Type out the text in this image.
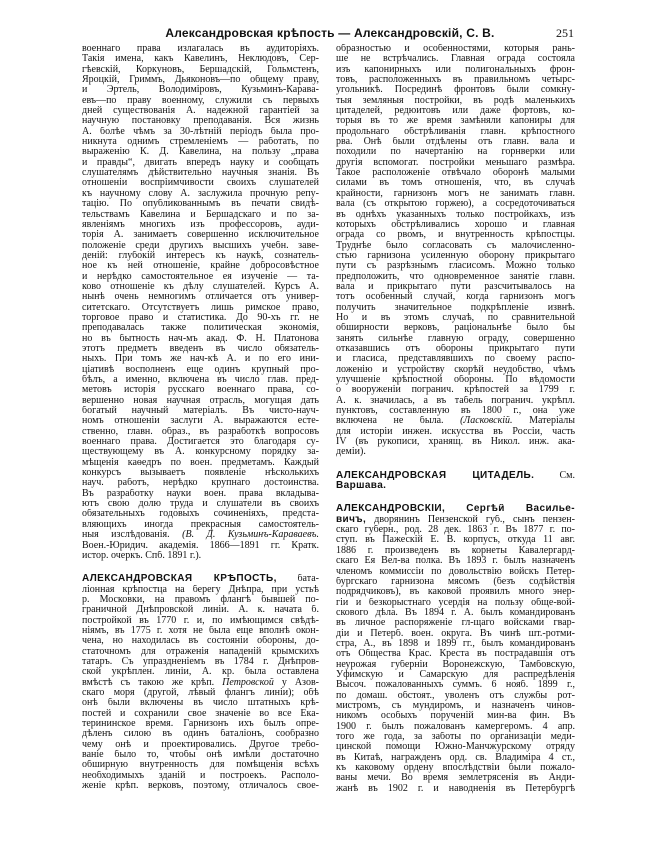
Александровская крѣпость — Александровскій, С. В.	251
военнаго права излагалась въ аудиторіяхъ.
Такія имена, какъ Кавелинъ, Неклюдовъ, Сер-
гѣевскій, Коркуновъ, Бершадскій, Гольмстенъ,
Яроцкій, Гриммъ, Дьяконовъ—по общему праву,
и Эртель, Володиміровъ, Кузьминъ-Карава-
евъ—по праву военному, служили съ первыхъ
дней существованія А. надежной гарантіей за
научную постановку преподаванія. Вся жизнь
А. болѣе чѣмъ за 30-лѣтній періодъ была про-
никнута однимъ стремленіемъ — работать, по
выраженію К. Д. Кавелина, на пользу „права
и правды“, двигать впередъ науку и сообщать
слушателямъ дѣйствительно научныя знанія. Въ
отношеніи воспріимчивости своихъ слушателей
къ научному слову А. заслужила прочную репу-
тацію. По опубликованнымъ въ печати свидѣ-
тельствамъ Кавелина и Бершадскаго и по за-
явленіямъ многихъ изъ профессоровъ, ауди-
торія А. занимаетъ совершенно исключительное
положеніе среди другихъ высшихъ учебн. заве-
деній: глубокій интересъ къ наукѣ, сознатель-
ное къ ней отношеніе, крайне добросовѣстное
и нерѣдко самостоятельное ея изученіе — та-
ково отношеніе къ дѣлу слушателей. Курсъ А.
нынѣ очень немногимъ отличается отъ универ-
ситетскаго. Отсутствуетъ лишь римское право,
торговое право и статистика. До 90-хъ гг. не
преподавалась также политическая экономія,
но въ бытность нач-мъ акад. Ф. Н. Платонова
этотъ предметъ введенъ въ число обязатель-
ныхъ. При томъ же нач-кѣ А. и по его ини-
ціативѣ восполненъ еще одинъ крупный про-
бѣлъ, а именно, включена въ число глав. пред-
метовъ исторія русскаго военнаго права, со-
вершенно новая научная отрасль, могущая дать
богатый научный матеріалъ. Въ чисто-науч-
номъ отношеніи заслуги А. выражаются есте-
ственно, главн. образ., въ разработкѣ вопросовъ
военнаго права. Достигается это благодаря су-
ществующему въ А. конкурсному порядку за-
мѣщенія каѳедръ по воен. предметамъ. Каждый
конкурсъ вызываетъ появленіе нѣсколькихъ
науч. работъ, нерѣдко крупнаго достоинства.
Въ разработку науки воен. права вкладыва-
ютъ свою долю труда и слушатели въ своихъ
обязательныхъ годовыхъ сочиненіяхъ, предста-
вляющихъ иногда прекрасныя самостоятель-
ныя изслѣдованія. (В. Д. Кузьминъ-Караваевъ.
Воен.-Юридич. академія. 1866—1891 гг. Кратк.
истор. очеркъ. Спб. 1891 г.).
АЛЕКСАНДРОВСКАЯ КРѢПОСТЬ, бата-
ліонная крѣпостца на берегу Днѣпра, при устьѣ
р. Московки, на правомъ флангѣ бывшей по-
граничной Днѣпровской линіи. А. к. начата б.
постройкой въ 1770 г. и, по имѣющимся свѣдѣ-
ніямъ, въ 1775 г. хотя не была еще вполнѣ окон-
чена, но находилась въ состояніи обороны, до-
статочномъ для отраженія нападеній крымскихъ
татаръ. Съ упраздненіемъ въ 1784 г. Днѣпров-
ской укрѣплен. линіи, А. кр. была оставлена
вмѣстѣ съ такою же крѣп. Петровской у Азов-
скаго моря (другой, лѣвый флангъ линіи); обѣ
онѣ были включены въ число штатныхъ крѣ-
постей и сохранили свое значеніе во все Ека-
терининское время. Гарнизонъ ихъ былъ опре-
дѣленъ силою въ одинъ баталіонъ, сообразно
чему онѣ и проектировались. Другое требо-
ваніе было то, чтобы онѣ имѣли достаточно
обширную внутренность для помѣщенія всѣхъ
необходимыхъ зданій и построекъ. Располо-
женіе крѣп. верковъ, поэтому, отличалось свое-
образностью и особенностями, которыя рань-
ше не встрѣчались. Главная ограда состояла
изъ капонирныхъ или полигональныхъ фрон-
товъ, расположенныхъ въ правильномъ четырс-
угольникѣ. Посрединѣ фронтовъ были сомкну-
тыя земляныя постройки, въ родѣ маленькихъ
цитаделей, редюитовъ или даже фортовъ, ко-
торыя въ то же время замѣняли капониры для
продольнаго обстрѣливанія главн. крѣпостного
рва. Онѣ были отдѣлены отъ главн. вала и
походили по начертанію на горнверки или
другія вспомогат. постройки меньшаго размѣра.
Такое расположеніе отвѣчало оборонѣ малыми
силами въ томъ отношенія, что, въ случаѣ
крайности, гарнизонъ могъ не занимать главн.
вала (съ открытою горжею), а сосредоточиваться
въ однѣхъ указанныхъ только постройкахъ, изъ
которыхъ обстрѣливались хорошо и главная
ограда со рвомъ, и внутренность крѣпостцы.
Труднѣе было согласовать съ малочисленно-
стью гарнизона усиленную оборону прикрытаго
пути съ разрѣзнымъ гласисомъ. Можно только
предположить, что одновременное занятіе главн.
вала и прикрытаго пути разсчитывалось на
тотъ особенный случай, когда гарнизонъ могъ
получить значительное подкрѣпленіе извнѣ.
Но и въ этомъ случаѣ, по сравнительной
обширности верковъ, раціональнѣе было бы
занять сильнѣе главную ограду, совершенно
отказавшись отъ обороны прикрытаго пути
и гласиса, представлявшихъ по своему распо-
ложенію и устройству скорѣй неудобство, чѣмъ
улучшеніе крѣпостной обороны. По вѣдомости
о вооруженіи погранич. крѣпостей за 1799 г.
А. к. значилась, а въ табель погранич. укрѣпл.
пунктовъ, составленную въ 1800 г., она уже
включена не была. (Ласковскій. Матеріалы
для исторіи инжен. искусства въ Россіи, часть
IV (въ рукописи, хранящ. въ Никол. инж. ака-
деміи).
АЛЕКСАНДРОВСКАЯ ЦИТАДЕЛЬ. См.
Варшава.
АЛЕКСАНДРОВСКІЙ, Сергѣй Василье-
вичъ, дворянинъ Пензенской губ., сынъ пензен-
скаго губерн., род. 28 дек. 1863 г. Въ 1877 г. по-
ступ. въ Пажескій Е. В. корпусъ, откуда 11 авг.
1886 г. произведенъ въ корнеты Кавалергард-
скаго Ея Вел-ва полка. Въ 1893 г. былъ назначенъ
членомъ коммиссіи по довольствію войскъ Петер-
бургскаго гарнизона мясомъ (безъ содѣйствія
подрядчиковъ), въ каковой проявилъ много энер-
гіи и безкорыстнаго усердія на пользу обще-вой-
скового дѣла. Въ 1894 г. А. былъ командированъ
въ личное распоряженіе гл-щаго войсками гвар-
діи и Петерб. воен. округа. Въ чинѣ шт.-ротми-
стра, А., въ 1898 и 1899 гг., былъ командированъ
отъ Общества Крас. Креста въ пострадавшія отъ
неурожая губерніи Воронежскую, Тамбовскую,
Уфимскую и Самарскую для распредѣленія
Высоч. пожалованныхъ суммъ. 6 нояб. 1899 г.,
по домаш. обстоят., уволенъ отъ службы рот-
мистромъ, съ мундиромъ, и назначенъ чинов-
никомъ особыхъ порученій мин-ва фин. Въ
1900 г. былъ пожалованъ камергеромъ. 4 апр.
того же года, за заботы по организаціи меди-
цинской помощи Южно-Манчжурскому отряду
въ Китаѣ, награжденъ орд. св. Владиміра 4 ст.,
къ каковому ордену впослѣдствіи были пожало-
ваны мечи. Во время землетрясенія въ Анди-
жанѣ въ 1902 г. и наводненія въ Петербургѣ
